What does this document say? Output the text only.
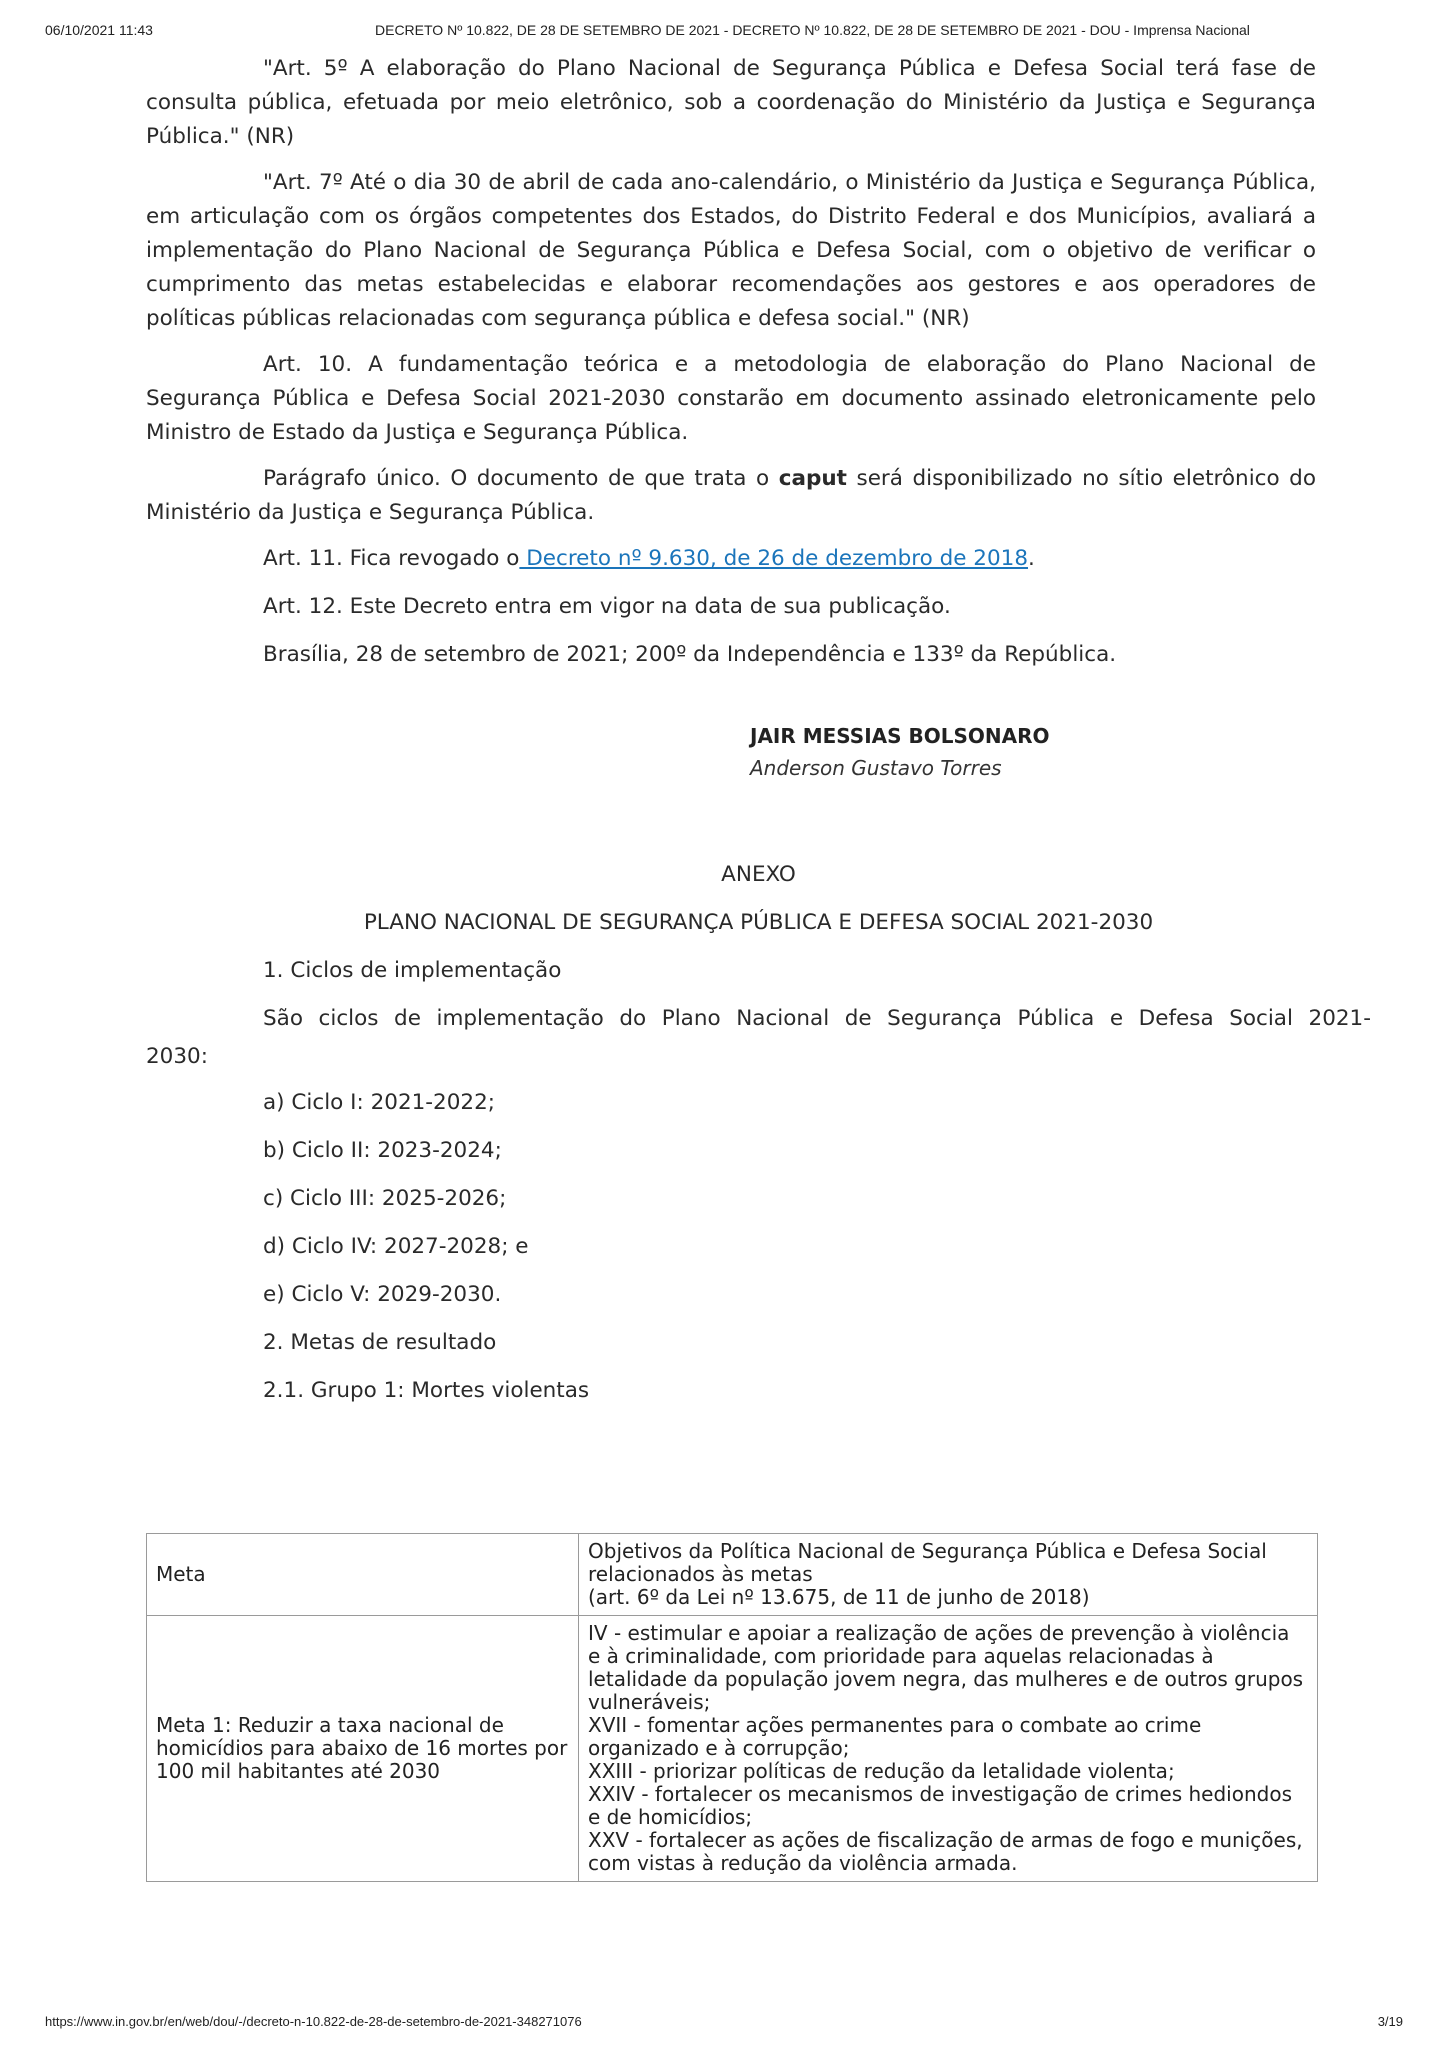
06/10/2021 11:43	DECRETO Nº 10.822, DE 28 DE SETEMBRO DE 2021 - DECRETO Nº 10.822, DE 28 DE SETEMBRO DE 2021 - DOU - Imprensa Nacional

"Art. 5º A elaboração do Plano Nacional de Segurança Pública e Defesa Social terá fase de consulta pública, efetuada por meio eletrônico, sob a coordenação do Ministério da Justiça e Segurança Pública." (NR)

"Art. 7º Até o dia 30 de abril de cada ano-calendário, o Ministério da Justiça e Segurança Pública, em articulação com os órgãos competentes dos Estados, do Distrito Federal e dos Municípios, avaliará a implementação do Plano Nacional de Segurança Pública e Defesa Social, com o objetivo de verificar o cumprimento das metas estabelecidas e elaborar recomendações aos gestores e aos operadores de políticas públicas relacionadas com segurança pública e defesa social." (NR)

Art. 10. A fundamentação teórica e a metodologia de elaboração do Plano Nacional de Segurança Pública e Defesa Social 2021-2030 constarão em documento assinado eletronicamente pelo Ministro de Estado da Justiça e Segurança Pública.

Parágrafo único. O documento de que trata o caput será disponibilizado no sítio eletrônico do Ministério da Justiça e Segurança Pública.

Art. 11. Fica revogado o Decreto nº 9.630, de 26 de dezembro de 2018.

Art. 12. Este Decreto entra em vigor na data de sua publicação.

Brasília, 28 de setembro de 2021; 200º da Independência e 133º da República.

JAIR MESSIAS BOLSONARO
Anderson Gustavo Torres
ANEXO
PLANO NACIONAL DE SEGURANÇA PÚBLICA E DEFESA SOCIAL 2021-2030
1. Ciclos de implementação
São ciclos de implementação do Plano Nacional de Segurança Pública e Defesa Social 2021-
2030:
a) Ciclo I: 2021-2022;
b) Ciclo II: 2023-2024;
c) Ciclo III: 2025-2026;
d) Ciclo IV: 2027-2028; e
e) Ciclo V: 2029-2030.
2. Metas de resultado
2.1. Grupo 1: Mortes violentas
Meta	Objetivos da Política Nacional de Segurança Pública e Defesa Social relacionados às metas
(art. 6º da Lei nº 13.675, de 11 de junho de 2018)

Meta 1: Reduzir a taxa nacional de homicídios para abaixo de 16 mortes por 100 mil habitantes até 2030	IV - estimular e apoiar a realização de ações de prevenção à violência e à criminalidade, com prioridade para aquelas relacionadas à letalidade da população jovem negra, das mulheres e de outros grupos vulneráveis;
XVII - fomentar ações permanentes para o combate ao crime organizado e à corrupção;
XXIII - priorizar políticas de redução da letalidade violenta;
XXIV - fortalecer os mecanismos de investigação de crimes hediondos e de homicídios;
XXV - fortalecer as ações de fiscalização de armas de fogo e munições, com vistas à redução da violência armada.
https://www.in.gov.br/en/web/dou/-/decreto-n-10.822-de-28-de-setembro-de-2021-348271076	3/19
